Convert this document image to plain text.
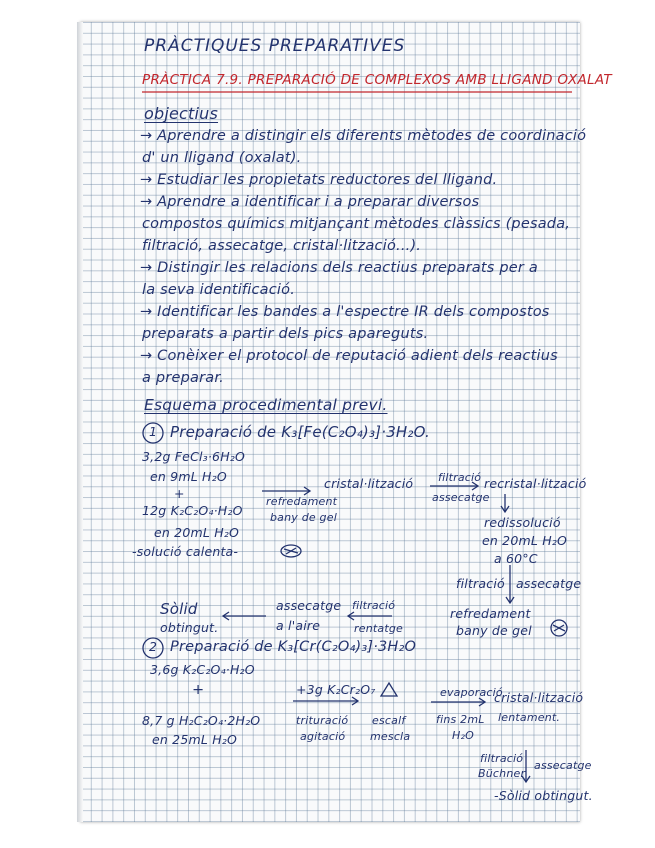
PRÀCTIQUES PREPARATIVES
PRÀCTICA 7.9. PREPARACIÓ DE COMPLEXOS AMB LLIGAND OXALAT
objectius
→ Aprendre a distingir els diferents mètodes de coordinació
d' un lligand (oxalat).
→ Estudiar les propietats reductores del lligand.
→ Aprendre a identificar i a preparar diversos
compostos químics mitjançant mètodes clàssics (pesada,
filtració, assecatge, cristal·lització...).
→ Distingir les relacions dels reactius preparats per a
la seva identificació.
→ Identificar les bandes a l'espectre IR dels compostos
preparats a partir dels pics apareguts.
→ Conèixer el protocol de reputació adient dels reactius
a preparar.
Esquema procedimental previ.
1 Preparació de K₃[Fe(C₂O₄)₃]·3H₂O.
3,2g FeCl₃·6H₂O
en 9mL H₂O
+
12g K₂C₂O₄·H₂O
en 20mL H₂O
-solució calenta-
refredament
bany de gel
cristal·lització filtració
assecatge
recristal·lització
redissolució
en 20mL H₂O
a 60°C
filtració assecatge
refredament
bany de gel
filtració
rentatge
assecatge
a l'aire
Sòlid
obtingut.
2 Preparació de K₃[Cr(C₂O₄)₃]·3H₂O
3,6g K₂C₂O₄·H₂O
+
8,7 g H₂C₂O₄·2H₂O
en 25mL H₂O
+3g K₂Cr₂O₇
trituració
agitació
escalf
mescla
evaporació
fins 2mL
H₂O
cristal·lització
lentament.
filtració
Büchner
assecatge
-Sòlid obtingut.
